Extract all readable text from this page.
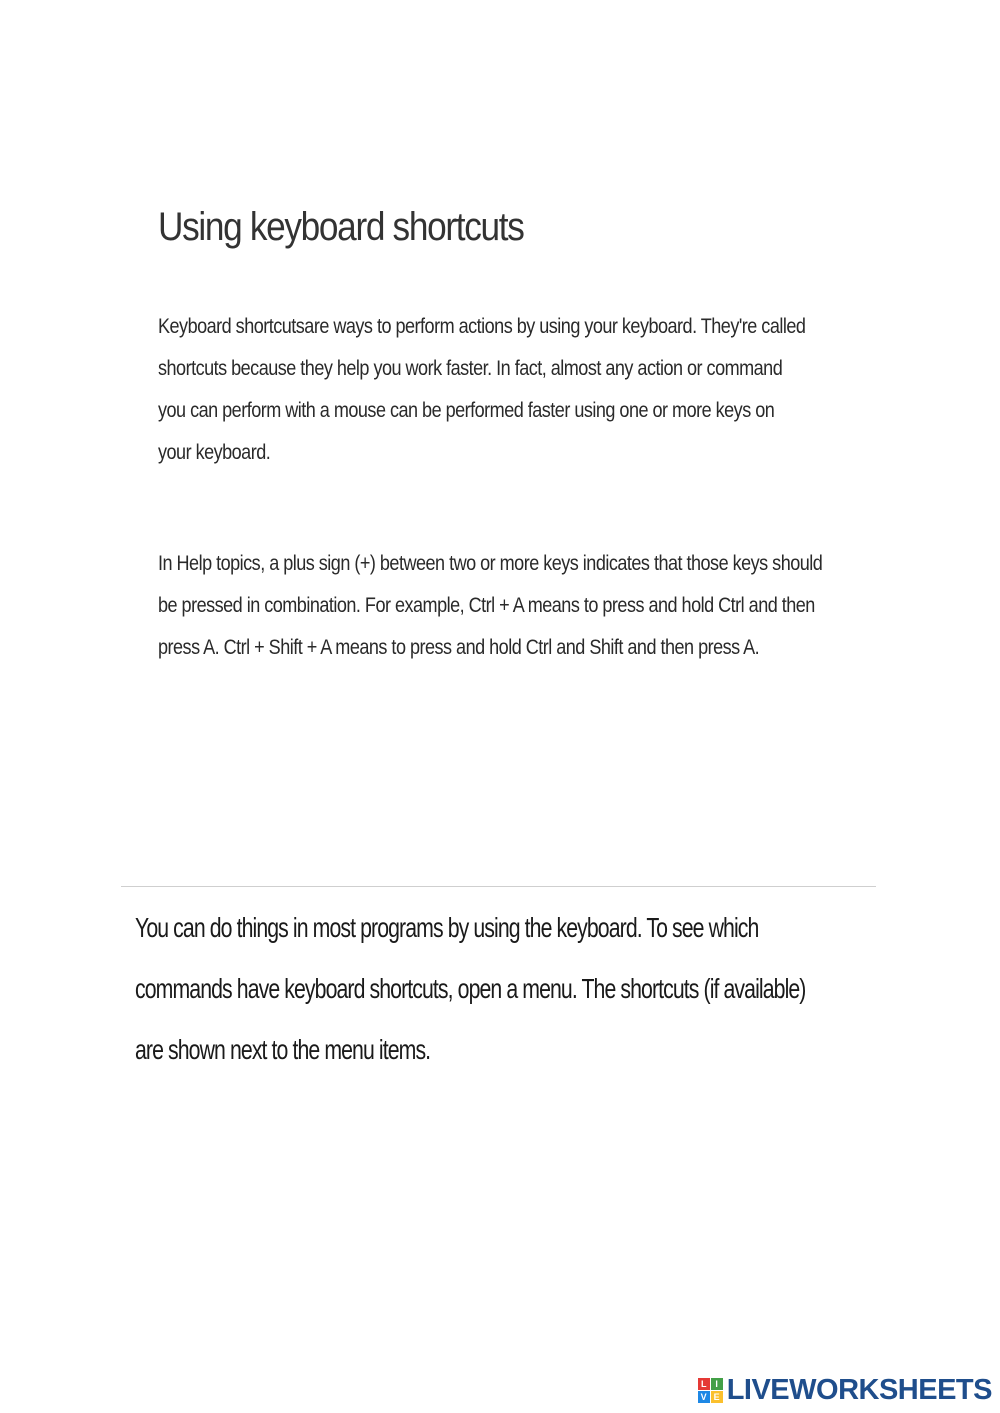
Using keyboard shortcuts

Keyboard shortcutsare ways to perform actions by using your keyboard. They're called shortcuts because they help you work faster. In fact, almost any action or command you can perform with a mouse can be performed faster using one or more keys on your keyboard.

In Help topics, a plus sign (+) between two or more keys indicates that those keys should be pressed in combination. For example, Ctrl + A means to press and hold Ctrl and then press A. Ctrl + Shift + A means to press and hold Ctrl and Shift and then press A.

You can do things in most programs by using the keyboard. To see which commands have keyboard shortcuts, open a menu. The shortcuts (if available) are shown next to the menu items.

L I
V E LIVEWORKSHEETS
